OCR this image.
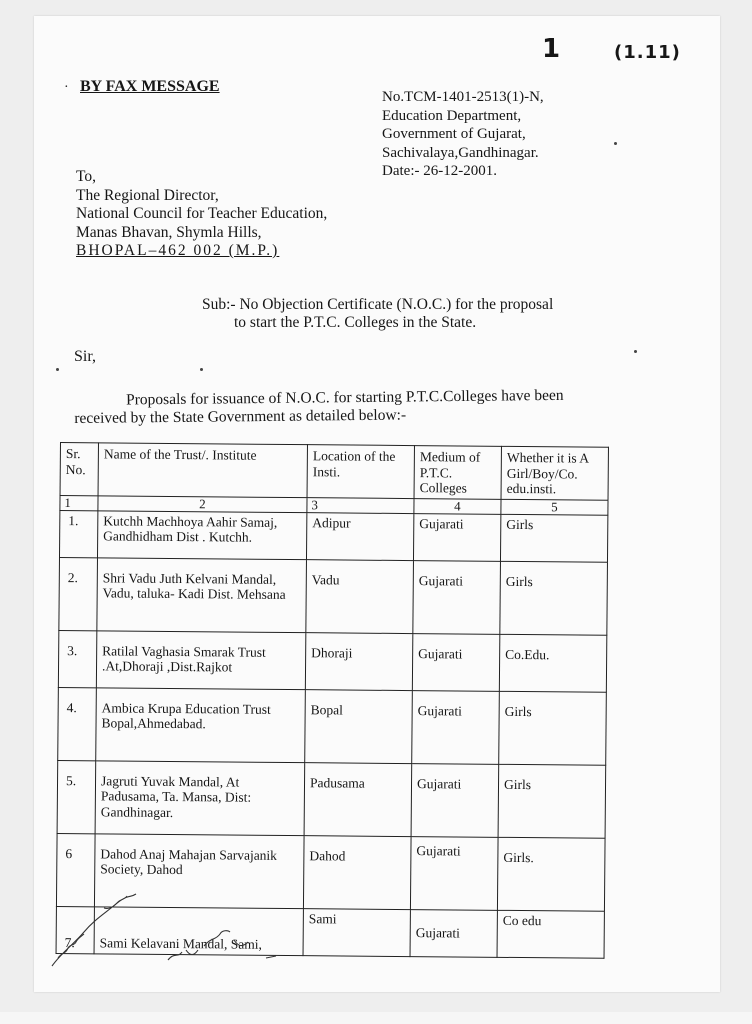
1	(1.11)
· BY FAX MESSAGE
No.TCM-1401-2513(1)-N,
Education Department,
Government of Gujarat,
Sachivalaya,Gandhinagar.
Date:- 26-12-2001.
To,
The Regional Director,
National Council for Teacher Education,
Manas Bhavan, Shymla Hills,
BHOPAL–462 002 (M.P.)
Sub:- No Objection Certificate (N.O.C.) for the proposal
to start the P.T.C. Colleges in the State.
Sir,
Proposals for issuance of N.O.C. for starting P.T.C.Colleges have been
received by the State Government as detailed below:-
Sr. No.	Name of the Trust/. Institute	Location of the Insti.	Medium of P.T.C. Colleges	Whether it is A Girl/Boy/Co. edu.insti.
1	2	3	4	5
1.	Kutchh Machhoya Aahir Samaj, Gandhidham Dist . Kutchh.	Adipur	Gujarati	Girls
2.	Shri Vadu Juth Kelvani Mandal, Vadu, taluka- Kadi Dist. Mehsana	Vadu	Gujarati	Girls
3.	Ratilal Vaghasia Smarak Trust .At,Dhoraji ,Dist.Rajkot	Dhoraji	Gujarati	Co.Edu.
4.	Ambica Krupa Education Trust Bopal,Ahmedabad.	Bopal	Gujarati	Girls
5.	Jagruti Yuvak Mandal, At Padusama, Ta. Mansa, Dist: Gandhinagar.	Padusama	Gujarati	Girls
6	Dahod Anaj Mahajan Sarvajanik Society, Dahod	Dahod	Gujarati	Girls.
7.	Sami Kelavani Mandal, Sami,	Sami	Gujarati	Co edu
